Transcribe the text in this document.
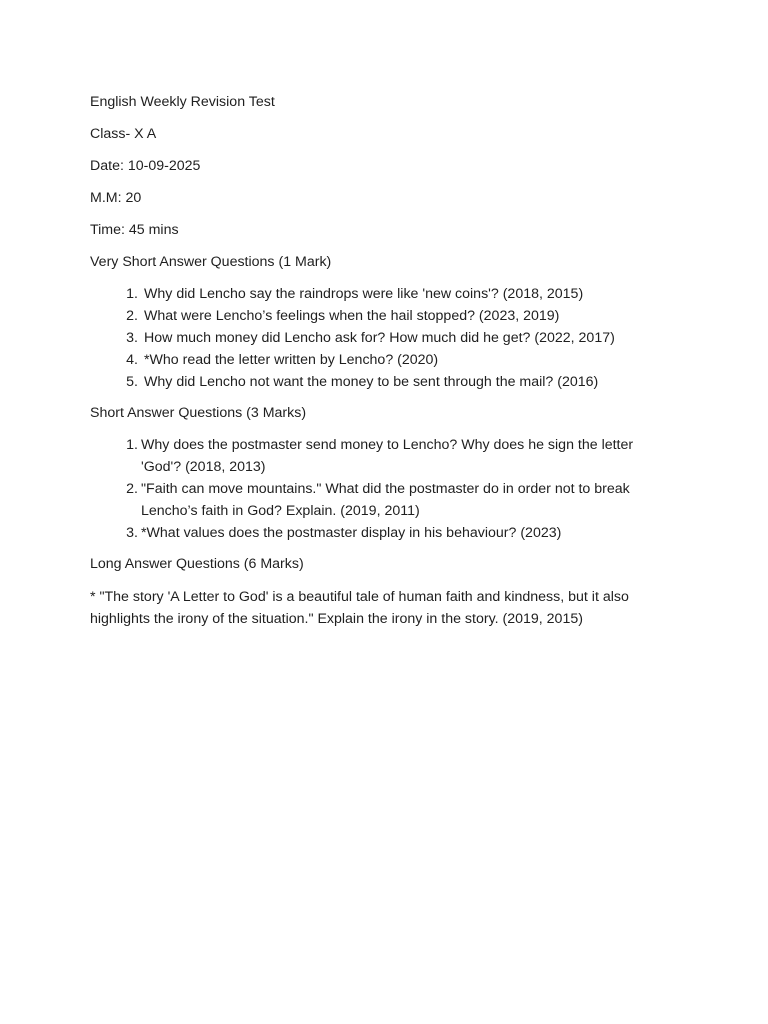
English Weekly Revision Test

Class- X A

Date: 10-09-2025

M.M: 20

Time: 45 mins

Very Short Answer Questions (1 Mark)

1. Why did Lencho say the raindrops were like 'new coins'? (2018, 2015)
2. What were Lencho’s feelings when the hail stopped? (2023, 2019)
3. How much money did Lencho ask for? How much did he get? (2022, 2017)
4. *Who read the letter written by Lencho? (2020)
5. Why did Lencho not want the money to be sent through the mail? (2016)

Short Answer Questions (3 Marks)

1. Why does the postmaster send money to Lencho? Why does he sign the letter 'God'? (2018, 2013)
2. "Faith can move mountains." What did the postmaster do in order not to break Lencho’s faith in God? Explain. (2019, 2011)
3. *What values does the postmaster display in his behaviour? (2023)

Long Answer Questions (6 Marks)

* "The story 'A Letter to God' is a beautiful tale of human faith and kindness, but it also highlights the irony of the situation." Explain the irony in the story. (2019, 2015)
